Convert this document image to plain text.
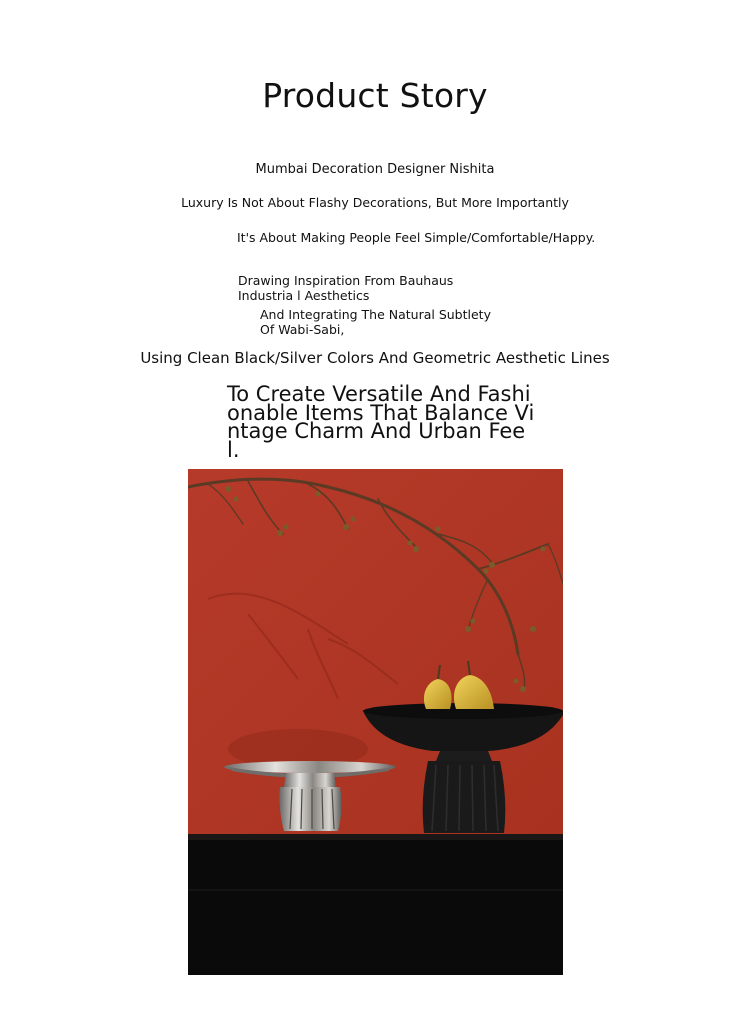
Product Story
Mumbai Decoration Designer Nishita
Luxury Is Not About Flashy Decorations, But More Importantly
It's About Making People Feel Simple/Comfortable/Happy.
Drawing Inspiration From Bauhaus Industria l Aesthetics
And Integrating The Natural Subtlety Of Wabi-Sabi,
Using Clean Black/Silver Colors And Geometric Aesthetic Lines
To Create Versatile And Fashionable Items That Balance Vintage Charm And Urban Feel.
